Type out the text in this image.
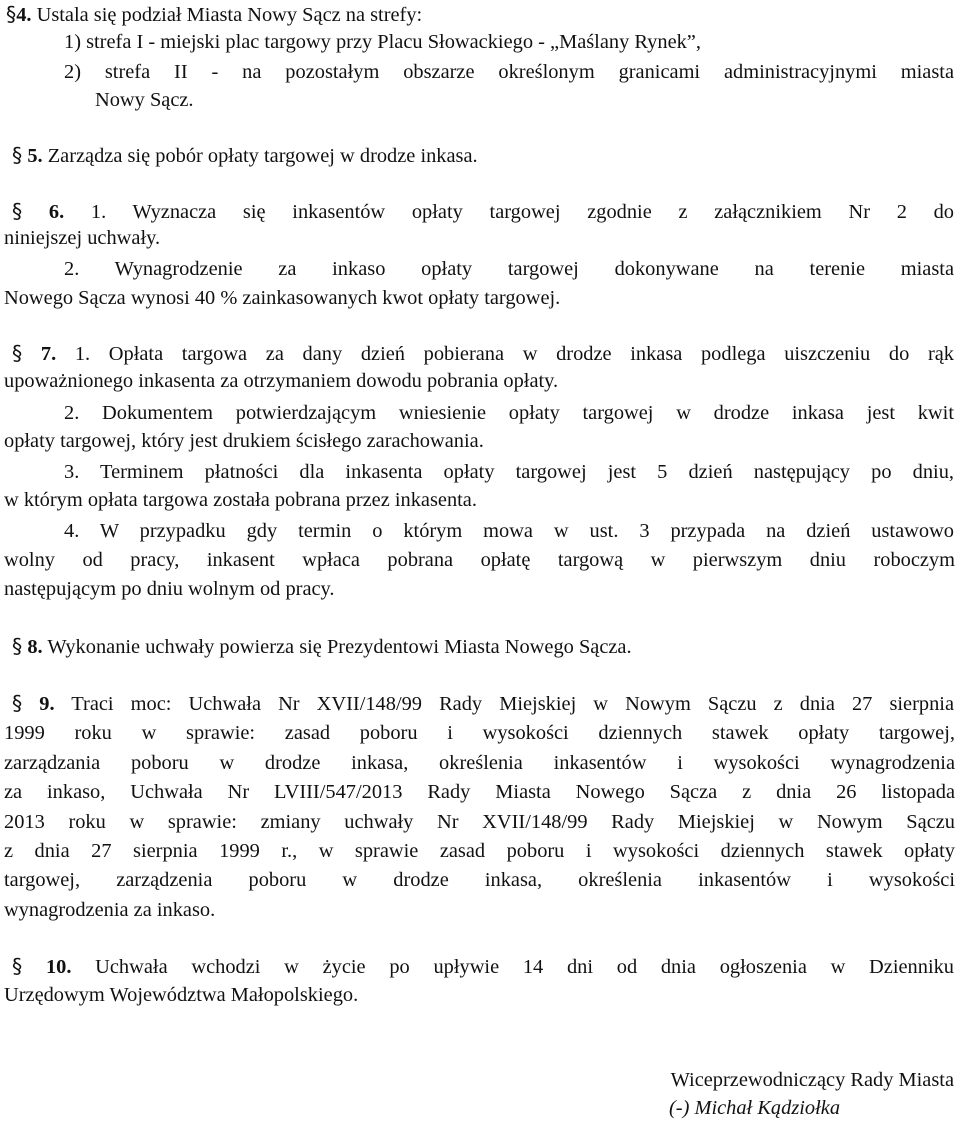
§4. Ustala się podział Miasta Nowy Sącz na strefy:
1) strefa I - miejski plac targowy przy Placu Słowackiego - „Maślany Rynek”,
2) strefa II - na pozostałym obszarze określonym granicami administracyjnymi miasta
Nowy Sącz.
§ 5. Zarządza się pobór opłaty targowej w drodze inkasa.
§ 6. 1. Wyznacza się inkasentów opłaty targowej zgodnie z załącznikiem Nr 2 do
niniejszej uchwały.
2. Wynagrodzenie za inkaso opłaty targowej dokonywane na terenie miasta
Nowego Sącza wynosi 40 % zainkasowanych kwot opłaty targowej.
§ 7. 1. Opłata targowa za dany dzień pobierana w drodze inkasa podlega uiszczeniu do rąk
upoważnionego inkasenta za otrzymaniem dowodu pobrania opłaty.
2. Dokumentem potwierdzającym wniesienie opłaty targowej w drodze inkasa jest kwit
opłaty targowej, który jest drukiem ścisłego zarachowania.
3. Terminem płatności dla inkasenta opłaty targowej jest 5 dzień następujący po dniu,
w którym opłata targowa została pobrana przez inkasenta.
4. W przypadku gdy termin o którym mowa w ust. 3 przypada na dzień ustawowo
wolny od pracy, inkasent wpłaca pobrana opłatę targową w pierwszym dniu roboczym
następującym po dniu wolnym od pracy.
§ 8. Wykonanie uchwały powierza się Prezydentowi Miasta Nowego Sącza.
§ 9. Traci moc: Uchwała Nr XVII/148/99 Rady Miejskiej w Nowym Sączu z dnia 27 sierpnia
1999 roku w sprawie: zasad poboru i wysokości dziennych stawek opłaty targowej,
zarządzania poboru w drodze inkasa, określenia inkasentów i wysokości wynagrodzenia
za inkaso, Uchwała Nr LVIII/547/2013 Rady Miasta Nowego Sącza z dnia 26 listopada
2013 roku w sprawie: zmiany uchwały Nr XVII/148/99 Rady Miejskiej w Nowym Sączu
z dnia 27 sierpnia 1999 r., w sprawie zasad poboru i wysokości dziennych stawek opłaty
targowej, zarządzenia poboru w drodze inkasa, określenia inkasentów i wysokości
wynagrodzenia za inkaso.
§ 10. Uchwała wchodzi w życie po upływie 14 dni od dnia ogłoszenia w Dzienniku
Urzędowym Województwa Małopolskiego.
Wiceprzewodniczący Rady Miasta
(-) Michał Kądziołka
